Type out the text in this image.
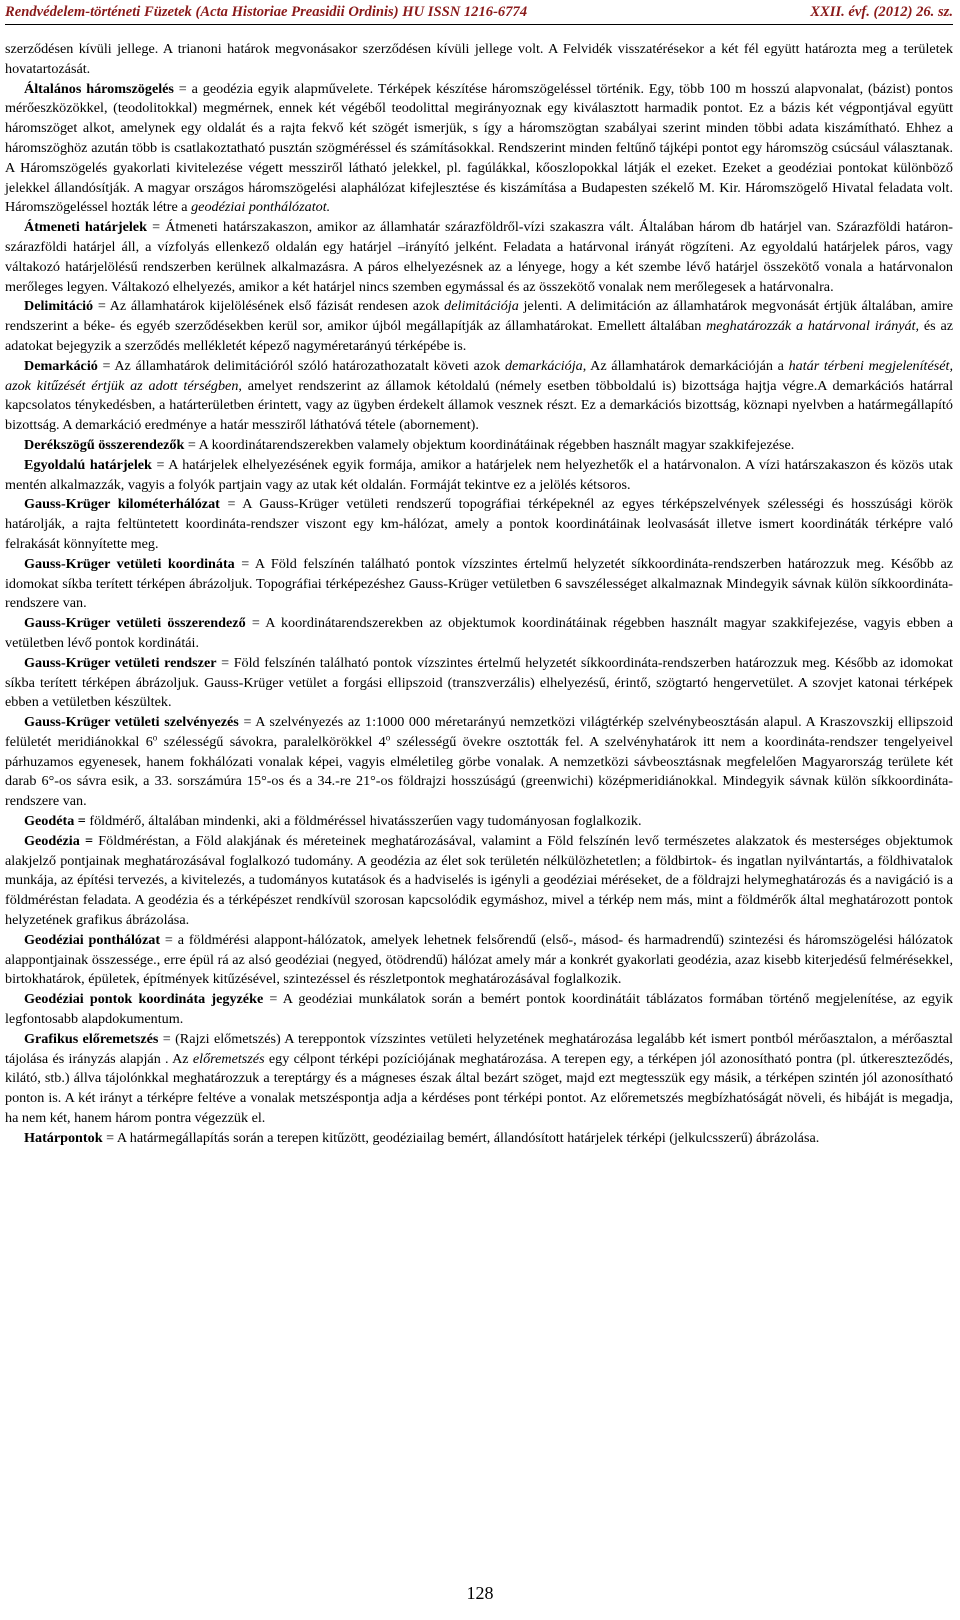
Rendvédelem-történeti Füzetek (Acta Historiae Preasidii Ordinis) HU ISSN 1216-6774	XXII. évf. (2012) 26. sz.

szerződésen kívüli jellege. A trianoni határok megvonásakor szerződésen kívüli jellege volt. A Felvidék visszatérésekor a két fél együtt határozta meg a területek hovatartozását.

Általános háromszögelés = a geodézia egyik alapművelete. Térképek készítése háromszögeléssel történik. Egy, több 100 m hosszú alapvonalat, (bázist) pontos mérőeszközökkel, (teodolitokkal) megmérnek, ennek két végéből teodolittal megirányoznak egy kiválasztott harmadik pontot. Ez a bázis két végpontjával együtt háromszöget alkot, amelynek egy oldalát és a rajta fekvő két szögét ismerjük, s így a háromszögtan szabályai szerint minden többi adata kiszámítható. Ehhez a háromszöghöz azután több is csatlakoztatható pusztán szögméréssel és számításokkal. Rendszerint minden feltűnő tájképi pontot egy háromszög csúcsául választanak. A Háromszögelés gyakorlati kivitelezése végett messziről látható jelekkel, pl. fagúlákkal, kőoszlopokkal látják el ezeket. Ezeket a geodéziai pontokat különböző jelekkel állandósítják. A magyar országos háromszögelési alaphálózat kifejlesztése és kiszámítása a Budapesten székelő M. Kir. Háromszögelő Hivatal feladata volt. Háromszögeléssel hozták létre a geodéziai ponthálózatot.

Átmeneti határjelek = Átmeneti határszakaszon, amikor az államhatár szárazföldről-vízi szakaszra vált. Általában három db határjel van. Szárazföldi határon-szárazföldi határjel áll, a vízfolyás ellenkező oldalán egy határjel –irányító jelként. Feladata a határvonal irányát rögzíteni. Az egyoldalú határjelek páros, vagy váltakozó határjelölésű rendszerben kerülnek alkalmazásra. A páros elhelyezésnek az a lényege, hogy a két szembe lévő határjel összekötő vonala a határvonalon merőleges legyen. Váltakozó elhelyezés, amikor a két határjel nincs szemben egymással és az összekötő vonalak nem merőlegesek a határvonalra.

Delimitáció = Az államhatárok kijelölésének első fázisát rendesen azok delimitációja jelenti. A delimitáción az államhatárok megvonását értjük általában, amire rendszerint a béke- és egyéb szerződésekben kerül sor, amikor újból megállapítják az államhatárokat. Emellett általában meghatározzák a határvonal irányát, és az adatokat bejegyzik a szerződés mellékletét képező nagyméretarányú térképébe is.

Demarkáció = Az államhatárok delimitációról szóló határozathozatalt követi azok demarkációja, Az államhatárok demarkációján a határ térbeni megjelenítését, azok kitűzését értjük az adott térségben, amelyet rendszerint az államok kétoldalú (némely esetben többoldalú is) bizottsága hajtja végre.A demarkációs határral kapcsolatos ténykedésben, a határterületben érintett, vagy az ügyben érdekelt államok vesznek részt. Ez a demarkációs bizottság, köznapi nyelvben a határmegállapító bizottság. A demarkáció eredménye a határ messziről láthatóvá tétele (abornement).

Derékszögű összerendezők = A koordinátarendszerekben valamely objektum koordinátáinak régebben használt magyar szakkifejezése.

Egyoldalú határjelek = A határjelek elhelyezésének egyik formája, amikor a határjelek nem helyezhetők el a határvonalon. A vízi határszakaszon és közös utak mentén alkalmazzák, vagyis a folyók partjain vagy az utak két oldalán. Formáját tekintve ez a jelölés kétsoros.

Gauss-Krüger kilométerhálózat = A Gauss-Krüger vetületi rendszerű topográfiai térképeknél az egyes térképszelvények szélességi és hosszúsági körök határolják, a rajta feltüntetett koordináta-rendszer viszont egy km-hálózat, amely a pontok koordinátáinak leolvasását illetve ismert koordináták térképre való felrakását könnyítette meg.

Gauss-Krüger vetületi koordináta = A Föld felszínén található pontok vízszintes értelmű helyzetét síkkoordináta-rendszerben határozzuk meg. Később az idomokat síkba terített térképen ábrázoljuk. Topográfiai térképezéshez Gauss-Krüger vetületben 6 savszélességet alkalmaznak Mindegyik sávnak külön síkkoordináta-rendszere van.

Gauss-Krüger vetületi összerendező = A koordinátarendszerekben az objektumok koordinátáinak régebben használt magyar szakkifejezése, vagyis ebben a vetületben lévő pontok kordinátái.

Gauss-Krüger vetületi rendszer = Föld felszínén található pontok vízszintes értelmű helyzetét síkkoordináta-rendszerben határozzuk meg. Később az idomokat síkba terített térképen ábrázoljuk. Gauss-Krüger vetület a forgási ellipszoid (transzverzális) elhelyezésű, érintő, szögtartó hengervetület. A szovjet katonai térképek ebben a vetületben készültek.

Gauss-Krüger vetületi szelvényezés = A szelvényezés az 1:1000 000 méretarányú nemzetközi világtérkép szelvénybeosztásán alapul. A Kraszovszkij ellipszoid felületét meridiánokkal 6$^o$ szélességű sávokra, paralelkörökkel 4$^o$ szélességű övekre osztották fel. A szelvényhatárok itt nem a koordináta-rendszer tengelyeivel párhuzamos egyenesek, hanem fokhálózati vonalak képei, vagyis elméletileg görbe vonalak. A nemzetközi sávbeosztásnak megfelelően Magyarország területe két darab 6°-os sávra esik, a 33. sorszámúra 15°-os és a 34.-re 21°-os földrajzi hosszúságú (greenwichi) középmeridiánokkal. Mindegyik sávnak külön síkkoordináta-rendszere van.

Geodéta = földmérő, általában mindenki, aki a földméréssel hivatásszerűen vagy tudományosan foglalkozik.

Geodézia = Földméréstan, a Föld alakjának és méreteinek meghatározásával, valamint a Föld felszínén levő természetes alakzatok és mesterséges objektumok alakjelző pontjainak meghatározásával foglalkozó tudomány. A geodézia az élet sok területén nélkülözhetetlen; a földbirtok- és ingatlan nyilvántartás, a földhivatalok munkája, az építési tervezés, a kivitelezés, a tudományos kutatások és a hadviselés is igényli a geodéziai méréseket, de a földrajzi helymeghatározás és a navigáció is a földméréstan feladata. A geodézia és a térképészet rendkívül szorosan kapcsolódik egymáshoz, mivel a térkép nem más, mint a földmérők által meghatározott pontok helyzetének grafikus ábrázolása.

Geodéziai ponthálózat = a földmérési alappont-hálózatok, amelyek lehetnek felsőrendű (első-, másod- és harmadrendű) szintezési és háromszögelési hálózatok alappontjainak összessége., erre épül rá az alsó geodéziai (negyed, ötödrendű) hálózat amely már a konkrét gyakorlati geodézia, azaz kisebb kiterjedésű felmérésekkel, birtokhatárok, épületek, építmények kitűzésével, szintezéssel és részletpontok meghatározásával foglalkozik.

Geodéziai pontok koordináta jegyzéke = A geodéziai munkálatok során a bemért pontok koordinátáit táblázatos formában történő megjelenítése, az egyik legfontosabb alapdokumentum.

Grafikus előremetszés = (Rajzi előmetszés) A tereppontok vízszintes vetületi helyzetének meghatározása legalább két ismert pontból mérőasztalon, a mérőasztal tájolása és irányzás alapján . Az előremetszés egy célpont térképi pozíciójának meghatározása. A terepen egy, a térképen jól azonosítható pontra (pl. útkereszteződés, kilátó, stb.) állva tájolónkkal meghatározzuk a tereptárgy és a mágneses észak által bezárt szöget, majd ezt megtesszük egy másik, a térképen szintén jól azonosítható ponton is. A két irányt a térképre feltéve a vonalak metszéspontja adja a kérdéses pont térképi pontot. Az előremetszés megbízhatóságát növeli, és hibáját is megadja, ha nem két, hanem három pontra végezzük el.

Határpontok = A határmegállapítás során a terepen kitűzött, geodéziailag bemért, állandósított határjelek térképi (jelkulcsszerű) ábrázolása.

128
